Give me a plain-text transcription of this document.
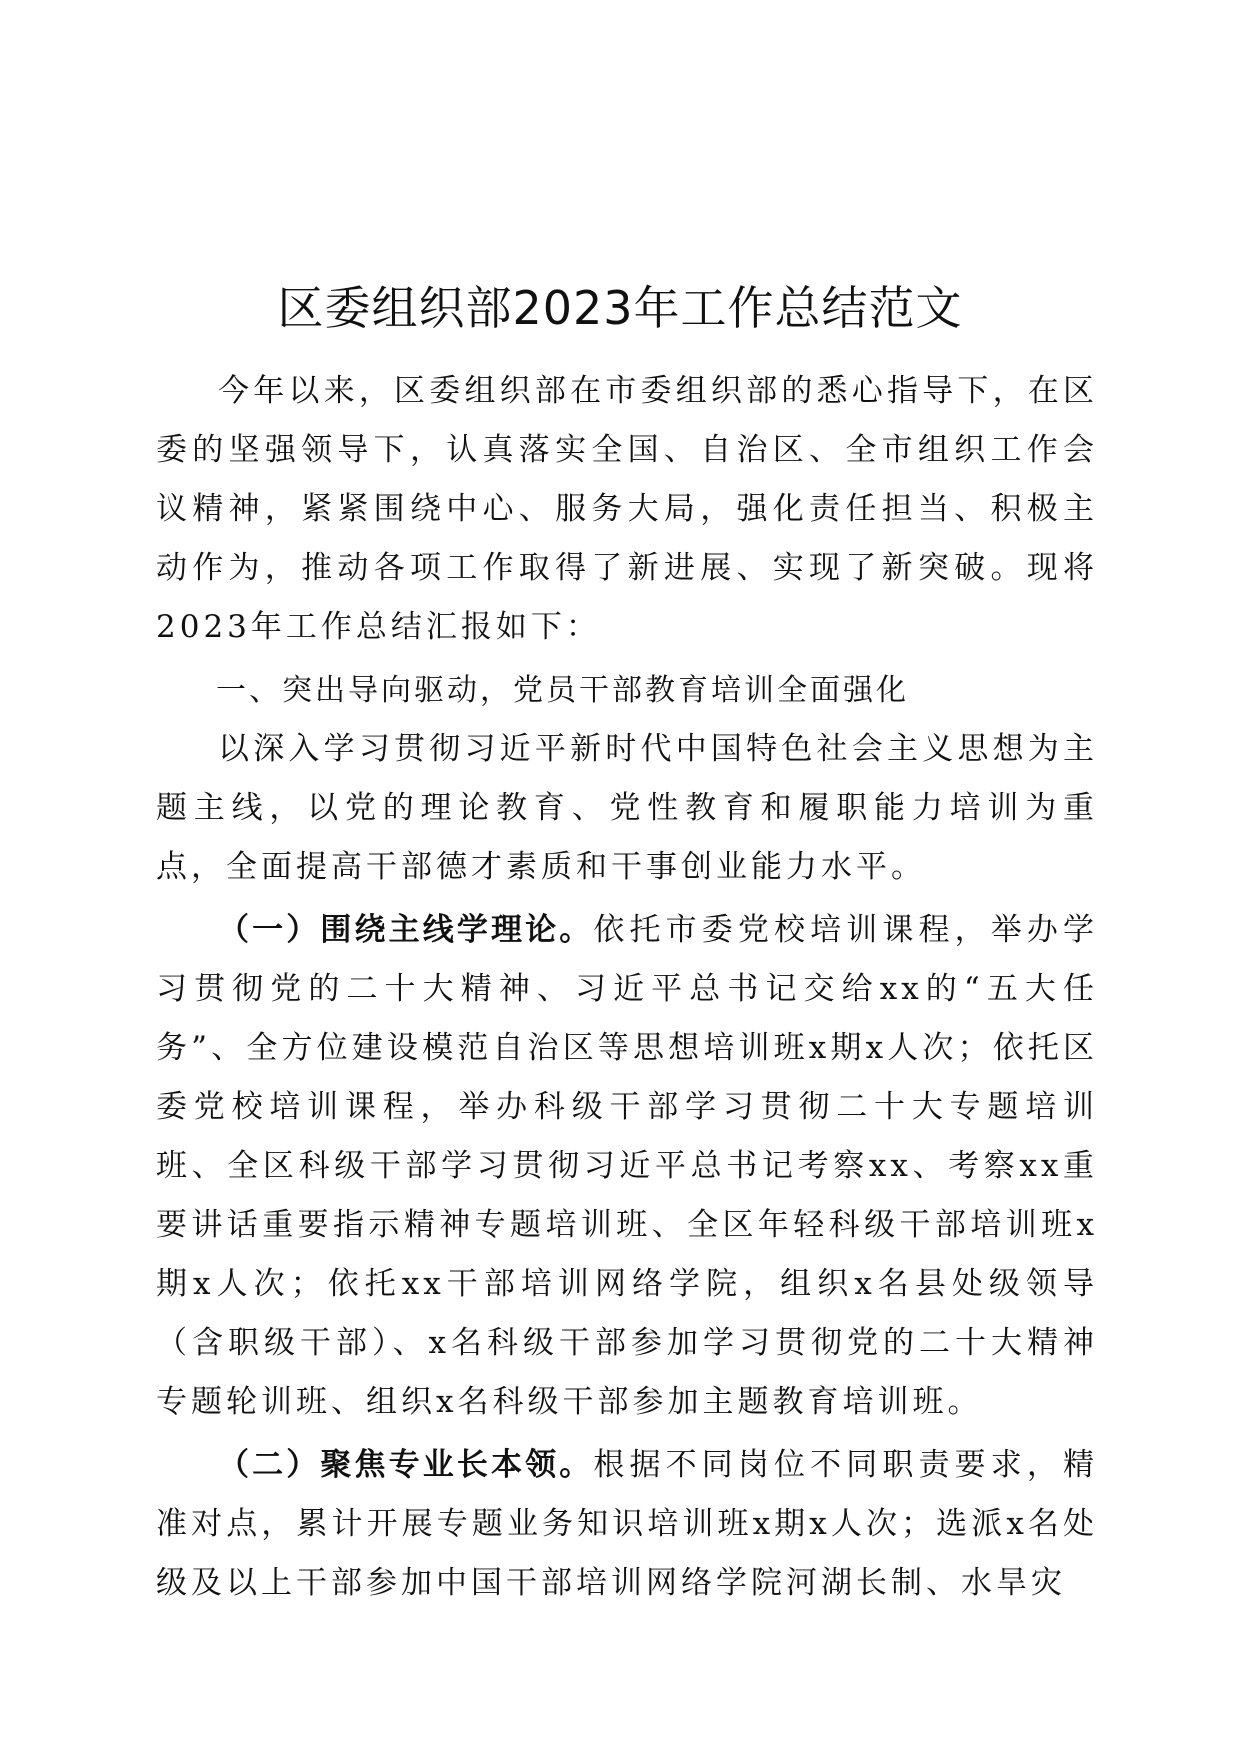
区委组织部2023年工作总结范文

今年以来，区委组织部在市委组织部的悉心指导下，在区委的坚强领导下，认真落实全国、自治区、全市组织工作会议精神，紧紧围绕中心、服务大局，强化责任担当、积极主动作为，推动各项工作取得了新进展、实现了新突破。现将2023年工作总结汇报如下：

一、突出导向驱动，党员干部教育培训全面强化

以深入学习贯彻习近平新时代中国特色社会主义思想为主题主线，以党的理论教育、党性教育和履职能力培训为重点，全面提高干部德才素质和干事创业能力水平。

（一）围绕主线学理论。依托市委党校培训课程，举办学习贯彻党的二十大精神、习近平总书记交给xx的“五大任务”、全方位建设模范自治区等思想培训班x期x人次；依托区委党校培训课程，举办科级干部学习贯彻二十大专题培训班、全区科级干部学习贯彻习近平总书记考察xx、考察xx重要讲话重要指示精神专题培训班、全区年轻科级干部培训班x期x人次；依托xx干部培训网络学院，组织x名县处级领导（含职级干部）、x名科级干部参加学习贯彻党的二十大精神专题轮训班、组织x名科级干部参加主题教育培训班。

（二）聚焦专业长本领。根据不同岗位不同职责要求，精准对点，累计开展专题业务知识培训班x期x人次；选派x名处级及以上干部参加中国干部培训网络学院河湖长制、水旱灾
